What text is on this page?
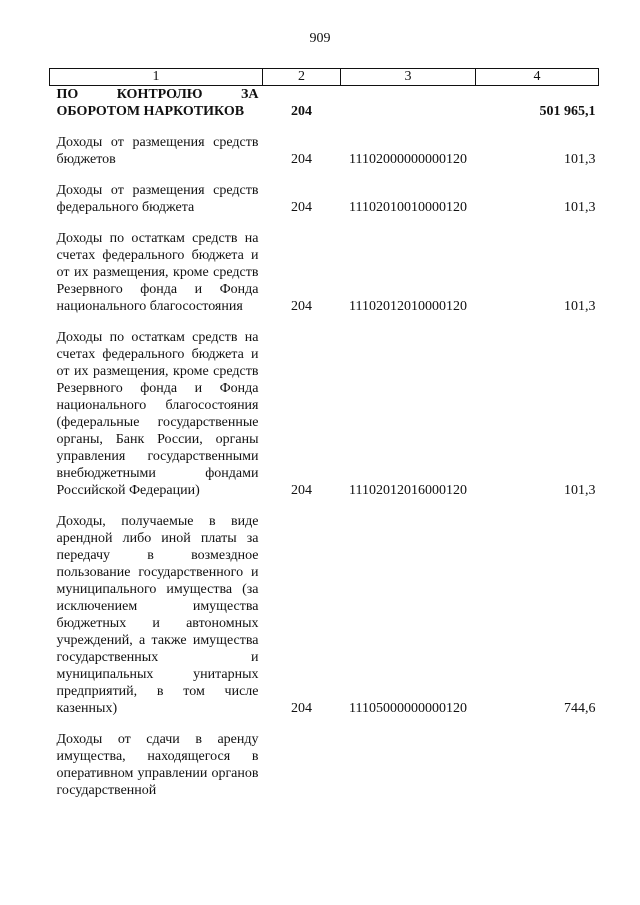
909
1	2	3	4

ПО КОНТРОЛЮ ЗА
ОБОРОТОМ НАРКОТИКОВ	204		501 965,1
Доходы от размещения средств бюджетов	204	11102000000000120	101,3
Доходы от размещения средств федерального бюджета	204	11102010010000120	101,3
Доходы по остаткам средств на счетах федерального бюджета и от их размещения, кроме средств Резервного фонда и Фонда национального благосостояния	204	11102012010000120	101,3
Доходы по остаткам средств на счетах федерального бюджета и от их размещения, кроме средств Резервного фонда и Фонда национального благосостояния (федеральные государственные органы, Банк России, органы управления государственными внебюджетными фондами Российской Федерации)	204	11102012016000120	101,3
Доходы, получаемые в виде арендной либо иной платы за передачу в возмездное пользование государственного и муниципального имущества (за исключением имущества бюджетных и автономных учреждений, а также имущества государственных и муниципальных унитарных предприятий, в том числе казенных)	204	11105000000000120	744,6
Доходы от сдачи в аренду имущества, находящегося в оперативном управлении органов государственной			
